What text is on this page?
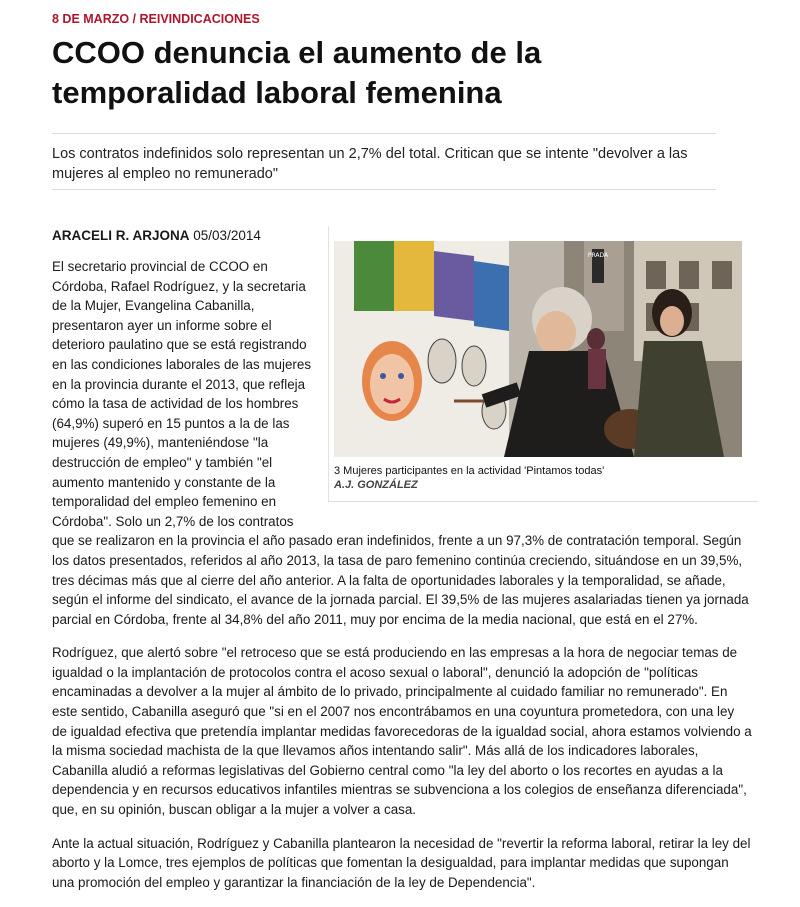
8 DE MARZO / REIVINDICACIONES
CCOO denuncia el aumento de la temporalidad laboral femenina

Los contratos indefinidos solo representan un 2,7% del total. Critican que se intente "devolver a las mujeres al empleo no remunerado"

PRADA
3 Mujeres participantes en la actividad 'Pintamos todas'
A.J. GONZÁLEZ

ARACELI R. ARJONA 05/03/2014

El secretario provincial de CCOO en Córdoba, Rafael Rodríguez, y la secretaria de la Mujer, Evangelina Cabanilla, presentaron ayer un informe sobre el deterioro paulatino que se está registrando en las condiciones laborales de las mujeres en la provincia durante el 2013, que refleja cómo la tasa de actividad de los hombres (64,9%) superó en 15 puntos a la de las mujeres (49,9%), manteniéndose "la destrucción de empleo" y también "el aumento mantenido y constante de la temporalidad del empleo femenino en Córdoba". Solo un 2,7% de los contratos que se realizaron en la provincia el año pasado eran indefinidos, frente a un 97,3% de contratación temporal. Según los datos presentados, referidos al año 2013, la tasa de paro femenino continúa creciendo, situándose en un 39,5%, tres décimas más que al cierre del año anterior. A la falta de oportunidades laborales y la temporalidad, se añade, según el informe del sindicato, el avance de la jornada parcial. El 39,5% de las mujeres asalariadas tienen ya jornada parcial en Córdoba, frente al 34,8% del año 2011, muy por encima de la media nacional, que está en el 27%.

Rodríguez, que alertó sobre "el retroceso que se está produciendo en las empresas a la hora de negociar temas de igualdad o la implantación de protocolos contra el acoso sexual o laboral", denunció la adopción de "políticas encaminadas a devolver a la mujer al ámbito de lo privado, principalmente al cuidado familiar no remunerado". En este sentido, Cabanilla aseguró que "si en el 2007 nos encontrábamos en una coyuntura prometedora, con una ley de igualdad efectiva que pretendía implantar medidas favorecedoras de la igualdad social, ahora estamos volviendo a la misma sociedad machista de la que llevamos años intentando salir". Más allá de los indicadores laborales, Cabanilla aludió a reformas legislativas del Gobierno central como "la ley del aborto o los recortes en ayudas a la dependencia y en recursos educativos infantiles mientras se subvenciona a los colegios de enseñanza diferenciada", que, en su opinión, buscan obligar a la mujer a volver a casa.

Ante la actual situación, Rodríguez y Cabanilla plantearon la necesidad de "revertir la reforma laboral, retirar la ley del aborto y la Lomce, tres ejemplos de políticas que fomentan la desigualdad, para implantar medidas que supongan una promoción del empleo y garantizar la financiación de la ley de Dependencia".
